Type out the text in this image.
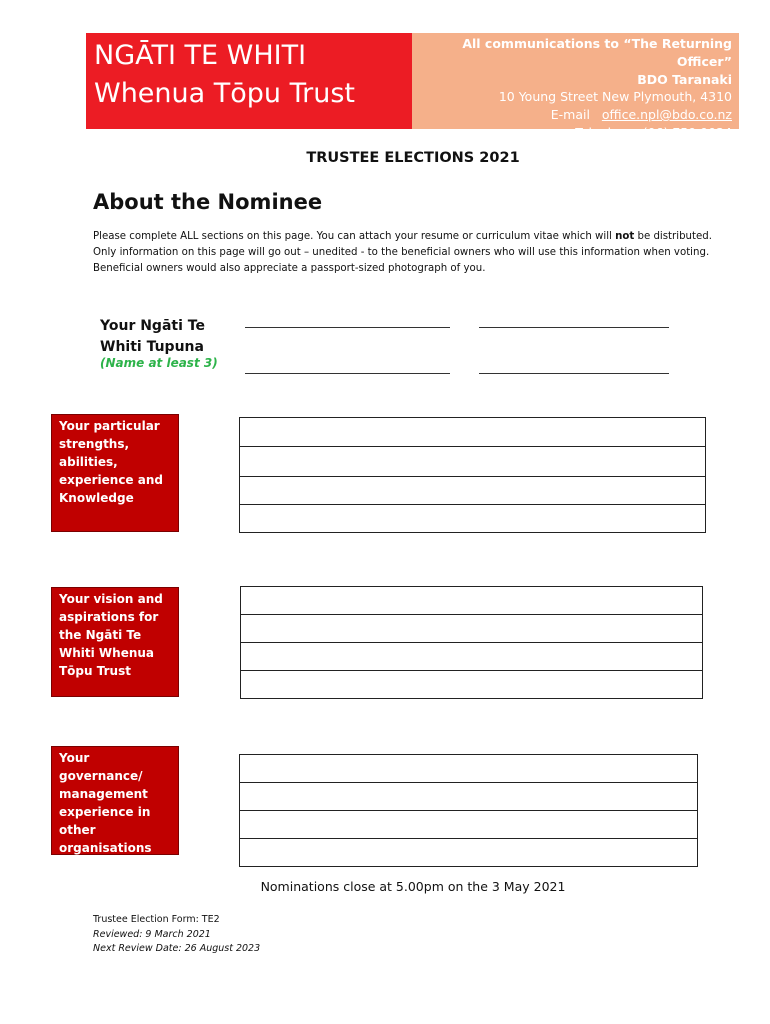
NGĀTI TE WHITI
Whenua Tōpu Trust
All communications to “The Returning Officer”
BDO Taranaki
10 Young Street New Plymouth, 4310
E-mail office.npl@bdo.co.nz
Telephone (06) 759 9034
TRUSTEE ELECTIONS 2021
About the Nominee
Please complete ALL sections on this page. You can attach your resume or curriculum vitae which will not be distributed. Only information on this page will go out – unedited - to the beneficial owners who will use this information when voting. Beneficial owners would also appreciate a passport-sized photograph of you.
Your Ngāti Te Whiti Tupuna
(Name at least 3)
Your particular strengths, abilities, experience and Knowledge
Your vision and aspirations for the Ngāti Te Whiti Whenua Tōpu Trust
Your governance/ management experience in other organisations
Nominations close at 5.00pm on the 3 May 2021
Trustee Election Form: TE2
Reviewed: 9 March 2021
Next Review Date: 26 August 2023
